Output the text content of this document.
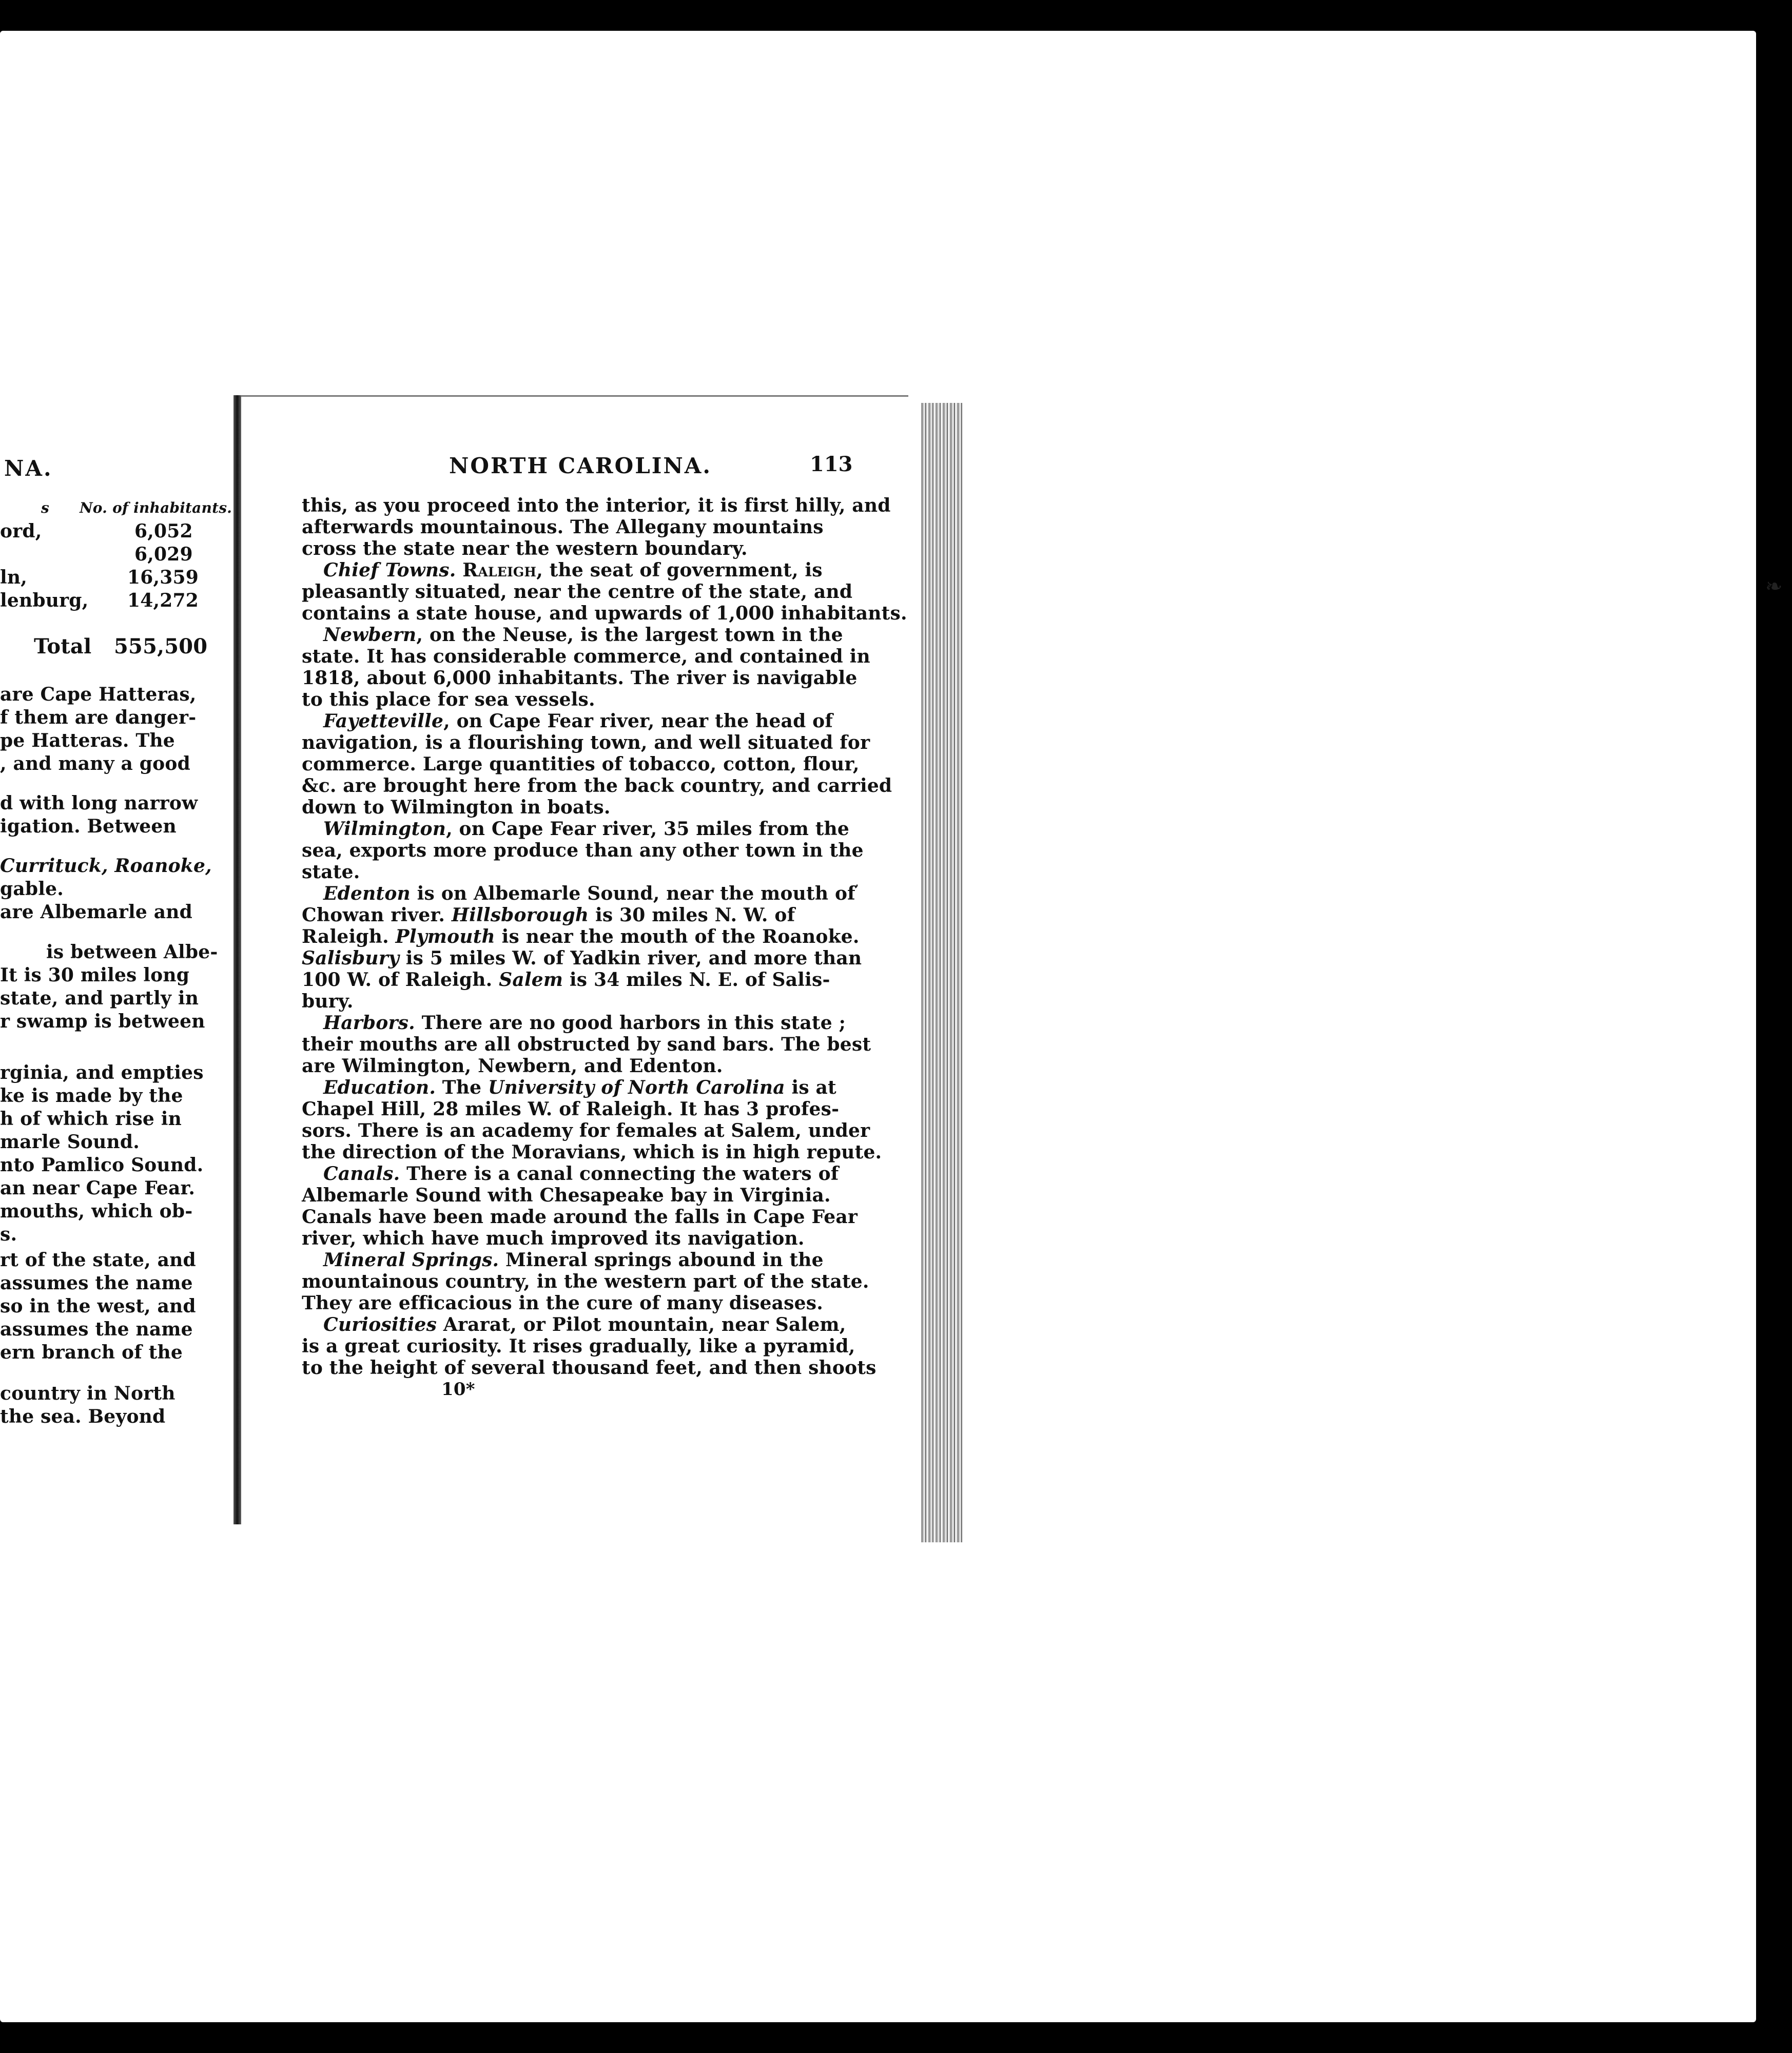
NA.
s No. of inhabitants.
ord,	6,052
6,029
ln,	16,359
lenburg, 14,272
Total 555,500
are Cape Hatteras,
f them are danger-
pe Hatteras. The
, and many a good
d with long narrow
igation. Between
Currituck, Roanoke,
gable.
are Albemarle and
is between Albe-
It is 30 miles long
state, and partly in
r swamp is between
rginia, and empties
ke is made by the
h of which rise in
marle Sound.
nto Pamlico Sound.
an near Cape Fear.
mouths, which ob-
s.
rt of the state, and
assumes the name
so in the west, and
assumes the name
ern branch of the
country in North
the sea. Beyond
NORTH CAROLINA.	113
this, as you proceed into the interior, it is first hilly, and
afterwards mountainous. The Allegany mountains
cross the state near the western boundary.
Chief Towns. Raleigh, the seat of government, is
pleasantly situated, near the centre of the state, and
contains a state house, and upwards of 1,000 inhabitants.
Newbern, on the Neuse, is the largest town in the
state. It has considerable commerce, and contained in
1818, about 6,000 inhabitants. The river is navigable
to this place for sea vessels.
Fayetteville, on Cape Fear river, near the head of
navigation, is a flourishing town, and well situated for
commerce. Large quantities of tobacco, cotton, flour,
&c. are brought here from the back country, and carried
down to Wilmington in boats.
Wilmington, on Cape Fear river, 35 miles from the
sea, exports more produce than any other town in the
state.
Edenton is on Albemarle Sound, near the mouth of
Chowan river. Hillsborough is 30 miles N. W. of
Raleigh. Plymouth is near the mouth of the Roanoke.
Salisbury is 5 miles W. of Yadkin river, and more than
100 W. of Raleigh. Salem is 34 miles N. E. of Salis-
bury.
Harbors. There are no good harbors in this state ;
their mouths are all obstructed by sand bars. The best
are Wilmington, Newbern, and Edenton.
Education. The University of North Carolina is at
Chapel Hill, 28 miles W. of Raleigh. It has 3 profes-
sors. There is an academy for females at Salem, under
the direction of the Moravians, which is in high repute.
Canals. There is a canal connecting the waters of
Albemarle Sound with Chesapeake bay in Virginia.
Canals have been made around the falls in Cape Fear
river, which have much improved its navigation.
Mineral Springs. Mineral springs abound in the
mountainous country, in the western part of the state.
They are efficacious in the cure of many diseases.
Curiosities Ararat, or Pilot mountain, near Salem,
is a great curiosity. It rises gradually, like a pyramid,
to the height of several thousand feet, and then shoots
10*
❧
,
